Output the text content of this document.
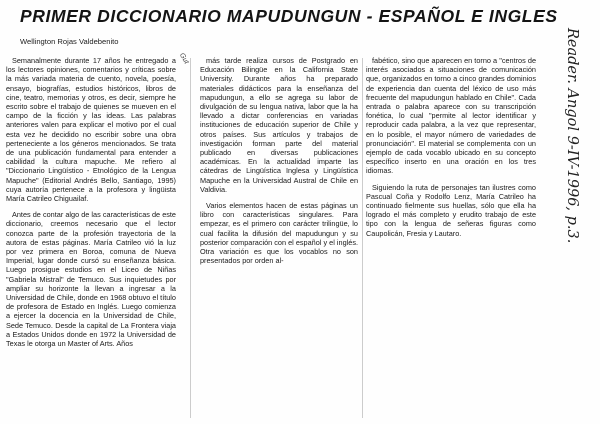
PRIMER DICCIONARIO MAPUDUNGUN - ESPAÑOL E INGLES
Wellington Rojas Valdebenito

Semanalmente durante 17 años he entregado a los lectores opiniones, comentarios y críticas sobre la más variada materia de cuento, novela, poesía, ensayo, biografías, estudios históricos, libros de cine, teatro, memorias y otros, es decir, siempre he escrito sobre el trabajo de quienes se mueven en el campo de la ficción y las ideas. Las palabras anteriores valen para explicar el motivo por el cual esta vez he decidido no escribir sobre una obra perteneciente a los géneros mencionados. Se trata de una publicación fundamental para entender a cabilidad la cultura mapuche. Me refiero al "Diccionario Lingüístico - Etnológico de la Lengua Mapuche" (Editorial Andrés Bello, Santiago, 1995) cuya autoría pertenece a la profesora y lingüista María Catrileo Chiguailaf.

Antes de contar algo de las características de este diccionario, creemos necesario que el lector conozca parte de la profesión trayectoria de la autora de estas páginas. María Catrileo vió la luz por vez primera en Boroa, comuna de Nueva Imperial, lugar donde cursó su enseñanza básica. Luego prosigue estudios en el Liceo de Niñas "Gabriela Mistral" de Temuco. Sus inquietudes por ampliar su horizonte la llevan a ingresar a la Universidad de Chile, donde en 1968 obtuvo el título de profesora de Estado en Inglés. Luego comienza a ejercer la docencia en la Universidad de Chile, Sede Temuco. Desde la capital de La Frontera viaja a Estados Unidos donde en 1972 la Universidad de Texas le otorga un Master of Arts. Años

Gut	más tarde realiza cursos de Postgrado en Educación Bilingüe en la California State University. Durante años ha preparado materiales didácticos para la enseñanza del mapudungun, a ello se agrega su labor de divulgación de su lengua nativa, labor que la ha llevado a dictar conferencias en variadas instituciones de educación superior de Chile y otros países. Sus artículos y trabajos de investigación forman parte del material publicado en diversas publicaciones académicas. En la actualidad imparte las cátedras de Lingüística Inglesa y Lingüística Mapuche en la Universidad Austral de Chile en Valdivia.

Varios elementos hacen de estas páginas un libro con características singulares. Para empezar, es el primero con carácter trilingüe, lo cual facilita la difusión del mapudungun y su posterior comparación con el español y el inglés. Otra variación es que los vocablos no son presentados por orden al-

fabético, sino que aparecen en torno a "centros de interés asociados a situaciones de comunicación que, organizados en torno a cinco grandes dominios de experiencia dan cuenta del léxico de uso más frecuente del mapudungun hablado en Chile". Cada entrada o palabra aparece con su transcripción fonética, lo cual "permite al lector identificar y reproducir cada palabra, a la vez que representar, en lo posible, el mayor número de variedades de pronunciación". El material se complementa con un ejemplo de cada vocablo ubicado en su concepto específico inserto en una oración en los tres idiomas.

Siguiendo la ruta de personajes tan ilustres como Pascual Coña y Rodolfo Lenz, María Catrileo ha continuado fielmente sus huellas, sólo que ella ha logrado el más completo y erudito trabajo de este tipo con la lengua de señeras figuras como Caupolicán, Fresia y Lautaro.	Reader. Angol 9-IV-1996, p.3.
